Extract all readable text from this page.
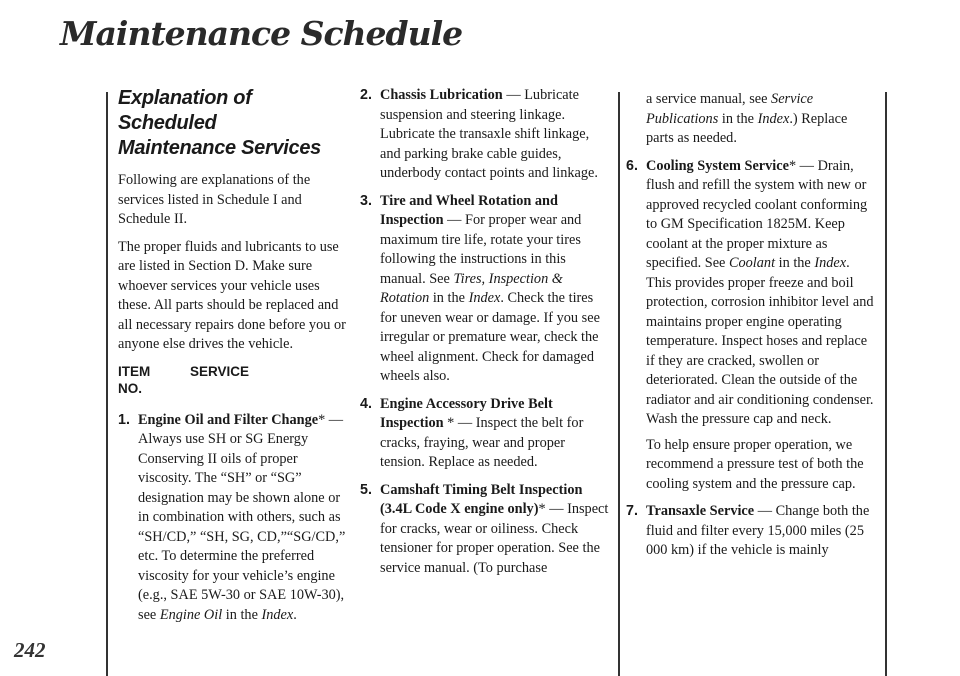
Maintenance Schedule
242
Explanation of Scheduled
Maintenance Services

Following are explanations of the services listed in Schedule I and Schedule II.

The proper fluids and lubricants to use are listed in Section D. Make sure whoever services your vehicle uses these. All parts should be replaced and all necessary repairs done before you or anyone else drives the vehicle.

ITEM
NO.
SERVICE
1. Engine Oil and Filter Change* — Always use SH or SG Energy Conserving II oils of proper viscosity. The “SH” or “SG” designation may be shown alone or in combination with others, such as “SH/CD,” “SH, SG, CD,”“SG/CD,” etc. To determine the preferred viscosity for your vehicle’s engine (e.g., SAE 5W-30 or SAE 10W-30), see Engine Oil in the Index.
2. Chassis Lubrication — Lubricate suspension and steering linkage. Lubricate the transaxle shift linkage, and parking brake cable guides, underbody contact points and linkage.
3. Tire and Wheel Rotation and Inspection — For proper wear and maximum tire life, rotate your tires following the instructions in this manual. See Tires, Inspection & Rotation in the Index. Check the tires for uneven wear or damage. If you see irregular or premature wear, check the wheel alignment. Check for damaged wheels also.
4. Engine Accessory Drive Belt Inspection * — Inspect the belt for cracks, fraying, wear and proper tension. Replace as needed.
5. Camshaft Timing Belt Inspection (3.4L Code X engine only)* — Inspect for cracks, wear or oiliness. Check tensioner for proper operation. See the service manual. (To purchase
a service manual, see Service Publications in the Index.) Replace parts as needed.
6. Cooling System Service* — Drain, flush and refill the system with new or approved recycled coolant conforming to GM Specification 1825M. Keep coolant at the proper mixture as specified. See Coolant in the Index. This provides proper freeze and boil protection, corrosion inhibitor level and maintains proper engine operating temperature. Inspect hoses and replace if they are cracked, swollen or deteriorated. Clean the outside of the radiator and air conditioning condenser. Wash the pressure cap and neck.
To help ensure proper operation, we recommend a pressure test of both the cooling system and the pressure cap.
7. Transaxle Service — Change both the fluid and filter every 15,000 miles (25 000 km) if the vehicle is mainly
